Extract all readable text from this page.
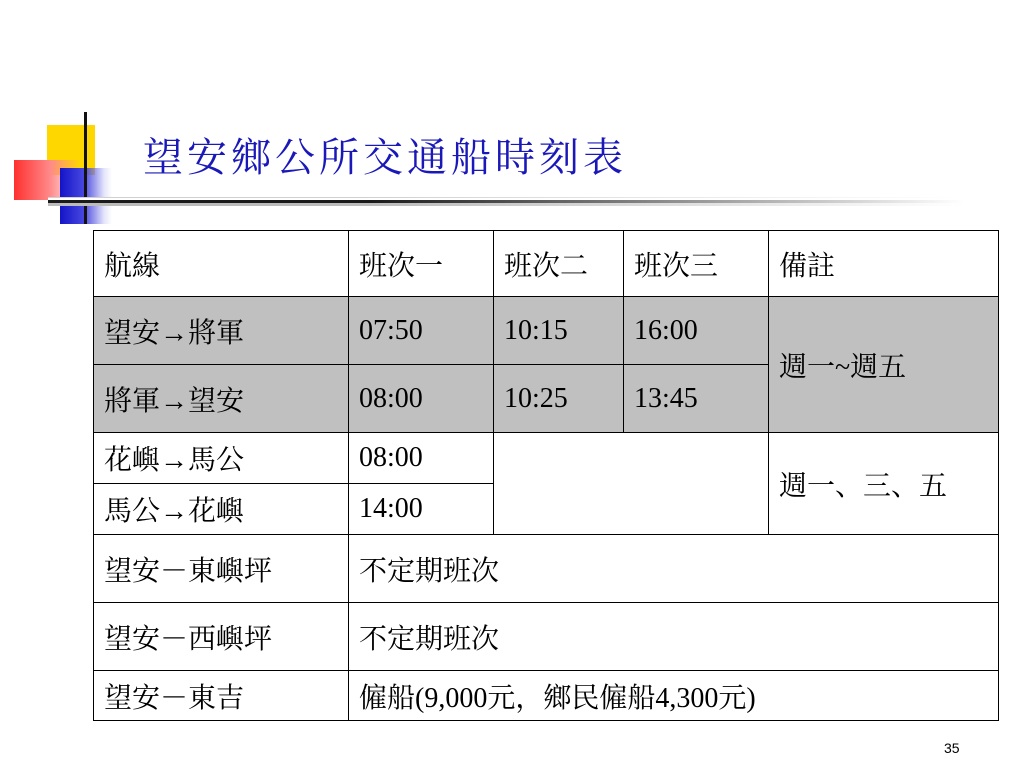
望安鄉公所交通船時刻表
航線	班次一	班次二	班次三	備註
望安→將軍	07:50	10:15	16:00	週一~週五
將軍→望安	08:00	10:25	13:45	
花嶼→馬公	08:00			週一、三、五
馬公→花嶼	14:00			
望安－東嶼坪	不定期班次			
望安－西嶼坪	不定期班次			
望安－東吉	僱船(9,000元，鄉民僱船4,300元)			
35
